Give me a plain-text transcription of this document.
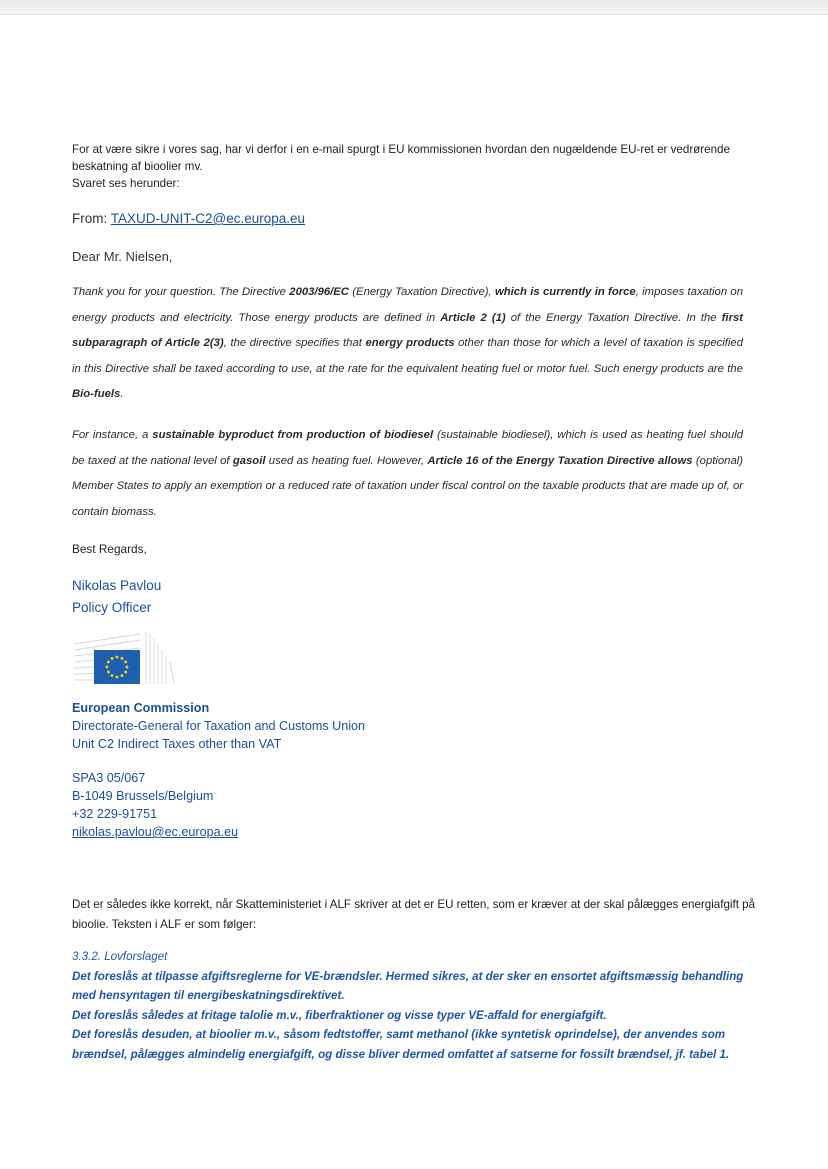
For at være sikre i vores sag, har vi derfor i en e-mail spurgt i EU kommissionen hvordan den nugældende EU-ret er vedrørende beskatning af bioolier mv.
Svaret ses herunder:
From: TAXUD-UNIT-C2@ec.europa.eu
Dear Mr. Nielsen,
Thank you for your question. The Directive 2003/96/EC (Energy Taxation Directive), which is currently in force, imposes taxation on energy products and electricity. Those energy products are defined in Article 2 (1) of the Energy Taxation Directive. In the first subparagraph of Article 2(3), the directive specifies that energy products other than those for which a level of taxation is specified in this Directive shall be taxed according to use, at the rate for the equivalent heating fuel or motor fuel. Such energy products are the Bio-fuels.
For instance, a sustainable byproduct from production of biodiesel (sustainable biodiesel), which is used as heating fuel should be taxed at the national level of gasoil used as heating fuel. However, Article 16 of the Energy Taxation Directive allows (optional) Member States to apply an exemption or a reduced rate of taxation under fiscal control on the taxable products that are made up of, or contain biomass.
Best Regards,
Nikolas Pavlou
Policy Officer
European Commission
Directorate-General for Taxation and Customs Union
Unit C2 Indirect Taxes other than VAT
SPA3 05/067
B-1049 Brussels/Belgium
+32 229-91751
nikolas.pavlou@ec.europa.eu
Det er således ikke korrekt, når Skatteministeriet i ALF skriver at det er EU retten, som er kræver at der skal pålægges energiafgift på bioolie. Teksten i ALF er som følger:
3.3.2. Lovforslaget
Det foreslås at tilpasse afgiftsreglerne for VE-brændsler. Hermed sikres, at der sker en ensortet afgiftsmæssig behandling med hensyntagen til energibeskatningsdirektivet.
Det foreslås således at fritage talolie m.v., fiberfraktioner og visse typer VE-affald for energiafgift.
Det foreslås desuden, at bioolier m.v., såsom fedtstoffer, samt methanol (ikke syntetisk oprindelse), der anvendes som brændsel, pålægges almindelig energiafgift, og disse bliver dermed omfattet af satserne for fossilt brændsel, jf. tabel 1.
